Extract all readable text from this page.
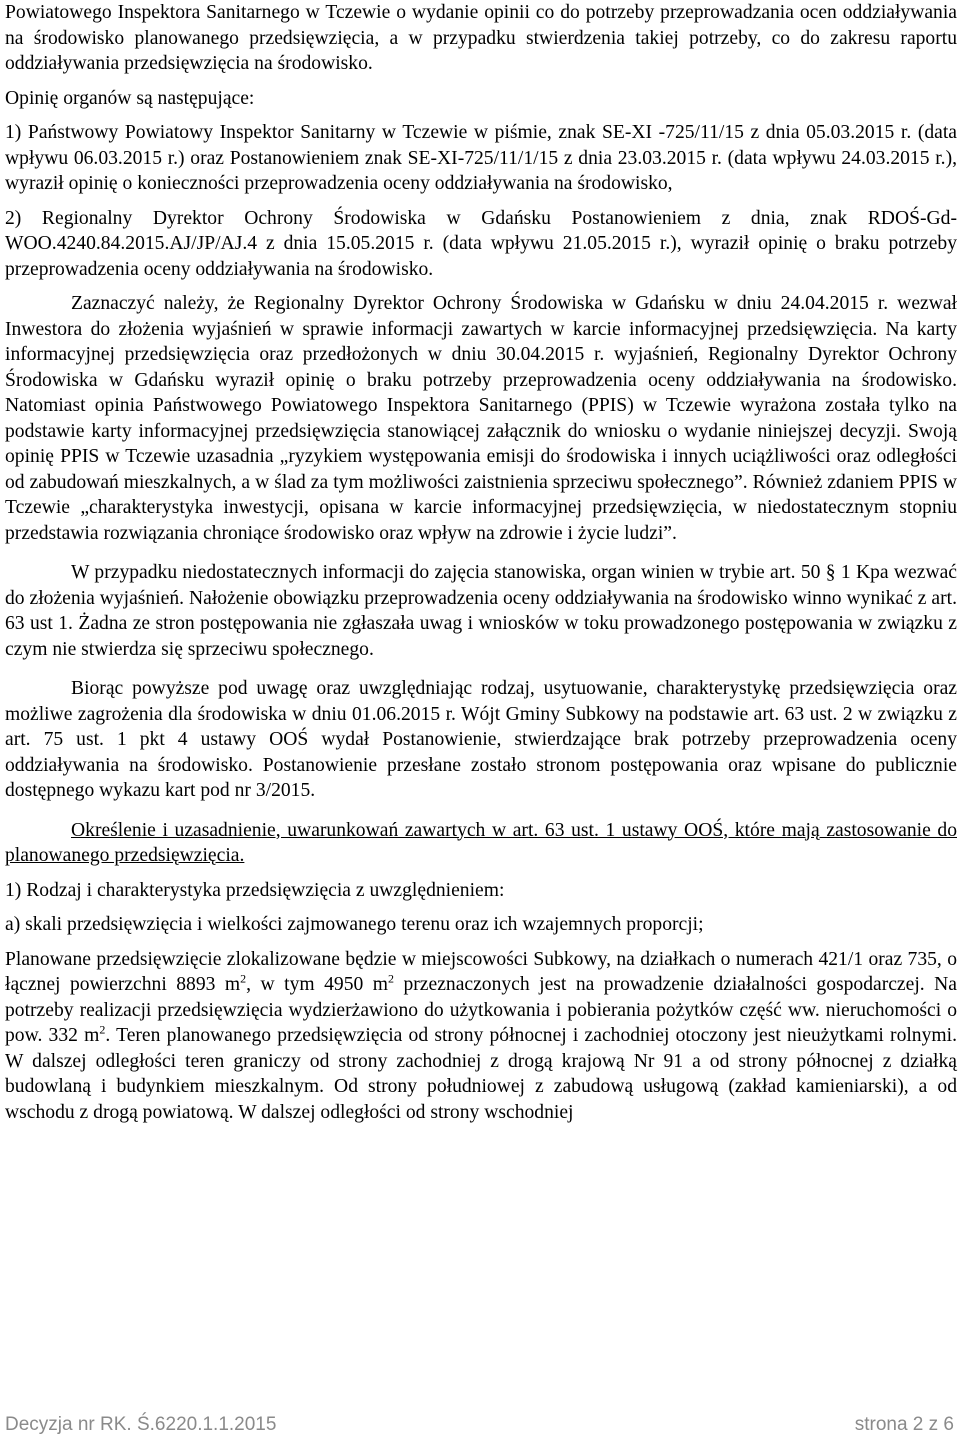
Powiatowego Inspektora Sanitarnego w Tczewie o wydanie opinii co do potrzeby przeprowadzania ocen oddziaływania na środowisko planowanego przedsięwzięcia, a w przypadku stwierdzenia takiej potrzeby, co do zakresu raportu oddziaływania przedsięwzięcia na środowisko.

Opinię organów są następujące:

1) Państwowy Powiatowy Inspektor Sanitarny w Tczewie w piśmie, znak SE-XI -725/11/15 z dnia 05.03.2015 r. (data wpływu 06.03.2015 r.) oraz Postanowieniem znak SE-XI-725/11/1/15 z dnia 23.03.2015 r. (data wpływu 24.03.2015 r.), wyraził opinię o konieczności przeprowadzenia oceny oddziaływania na środowisko,

2) Regionalny Dyrektor Ochrony Środowiska w Gdańsku Postanowieniem z dnia, znak RDOŚ-Gd-WOO.4240.84.2015.AJ/JP/AJ.4 z dnia 15.05.2015 r. (data wpływu 21.05.2015 r.), wyraził opinię o braku potrzeby przeprowadzenia oceny oddziaływania na środowisko.

Zaznaczyć należy, że Regionalny Dyrektor Ochrony Środowiska w Gdańsku w dniu 24.04.2015 r. wezwał Inwestora do złożenia wyjaśnień w sprawie informacji zawartych w karcie informacyjnej przedsięwzięcia. Na karty informacyjnej przedsięwzięcia oraz przedłożonych w dniu 30.04.2015 r. wyjaśnień, Regionalny Dyrektor Ochrony Środowiska w Gdańsku wyraził opinię o braku potrzeby przeprowadzenia oceny oddziaływania na środowisko. Natomiast opinia Państwowego Powiatowego Inspektora Sanitarnego (PPIS) w Tczewie wyrażona została tylko na podstawie karty informacyjnej przedsięwzięcia stanowiącej załącznik do wniosku o wydanie niniejszej decyzji. Swoją opinię PPIS w Tczewie uzasadnia „ryzykiem występowania emisji do środowiska i innych uciążliwości oraz odległości od zabudowań mieszkalnych, a w ślad za tym możliwości zaistnienia sprzeciwu społecznego”. Również zdaniem PPIS w Tczewie „charakterystyka inwestycji, opisana w karcie informacyjnej przedsięwzięcia, w niedostatecznym stopniu przedstawia rozwiązania chroniące środowisko oraz wpływ na zdrowie i życie ludzi”.

W przypadku niedostatecznych informacji do zajęcia stanowiska, organ winien w trybie art. 50 § 1 Kpa wezwać do złożenia wyjaśnień. Nałożenie obowiązku przeprowadzenia oceny oddziaływania na środowisko winno wynikać z art. 63 ust 1. Żadna ze stron postępowania nie zgłaszała uwag i wniosków w toku prowadzonego postępowania w związku z czym nie stwierdza się sprzeciwu społecznego.

Biorąc powyższe pod uwagę oraz uwzględniając rodzaj, usytuowanie, charakterystykę przedsięwzięcia oraz możliwe zagrożenia dla środowiska w dniu 01.06.2015 r. Wójt Gminy Subkowy na podstawie art. 63 ust. 2 w związku z art. 75 ust. 1 pkt 4 ustawy OOŚ wydał Postanowienie, stwierdzające brak potrzeby przeprowadzenia oceny oddziaływania na środowisko. Postanowienie przesłane zostało stronom postępowania oraz wpisane do publicznie dostępnego wykazu kart pod nr 3/2015.

Określenie i uzasadnienie, uwarunkowań zawartych w art. 63 ust. 1 ustawy OOŚ, które mają zastosowanie do planowanego przedsięwzięcia.

1) Rodzaj i charakterystyka przedsięwzięcia z uwzględnieniem:

a) skali przedsięwzięcia i wielkości zajmowanego terenu oraz ich wzajemnych proporcji;

Planowane przedsięwzięcie zlokalizowane będzie w miejscowości Subkowy, na działkach o numerach 421/1 oraz 735, o łącznej powierzchni 8893 $m^2$, w tym 4950 $m^2$ przeznaczonych jest na prowadzenie działalności gospodarczej. Na potrzeby realizacji przedsięwzięcia wydzierżawiono do użytkowania i pobierania pożytków część ww. nieruchomości o pow. 332 $m^2$. Teren planowanego przedsięwzięcia od strony północnej i zachodniej otoczony jest nieużytkami rolnymi. W dalszej odległości teren graniczy od strony zachodniej z drogą krajową Nr 91 a od strony północnej z działką budowlaną i budynkiem mieszkalnym. Od strony południowej z zabudową usługową (zakład kamieniarski), a od wschodu z drogą powiatową. W dalszej odległości od strony wschodniej

Decyzja nr RK. Ś.6220.1.1.2015	strona 2 z 6
